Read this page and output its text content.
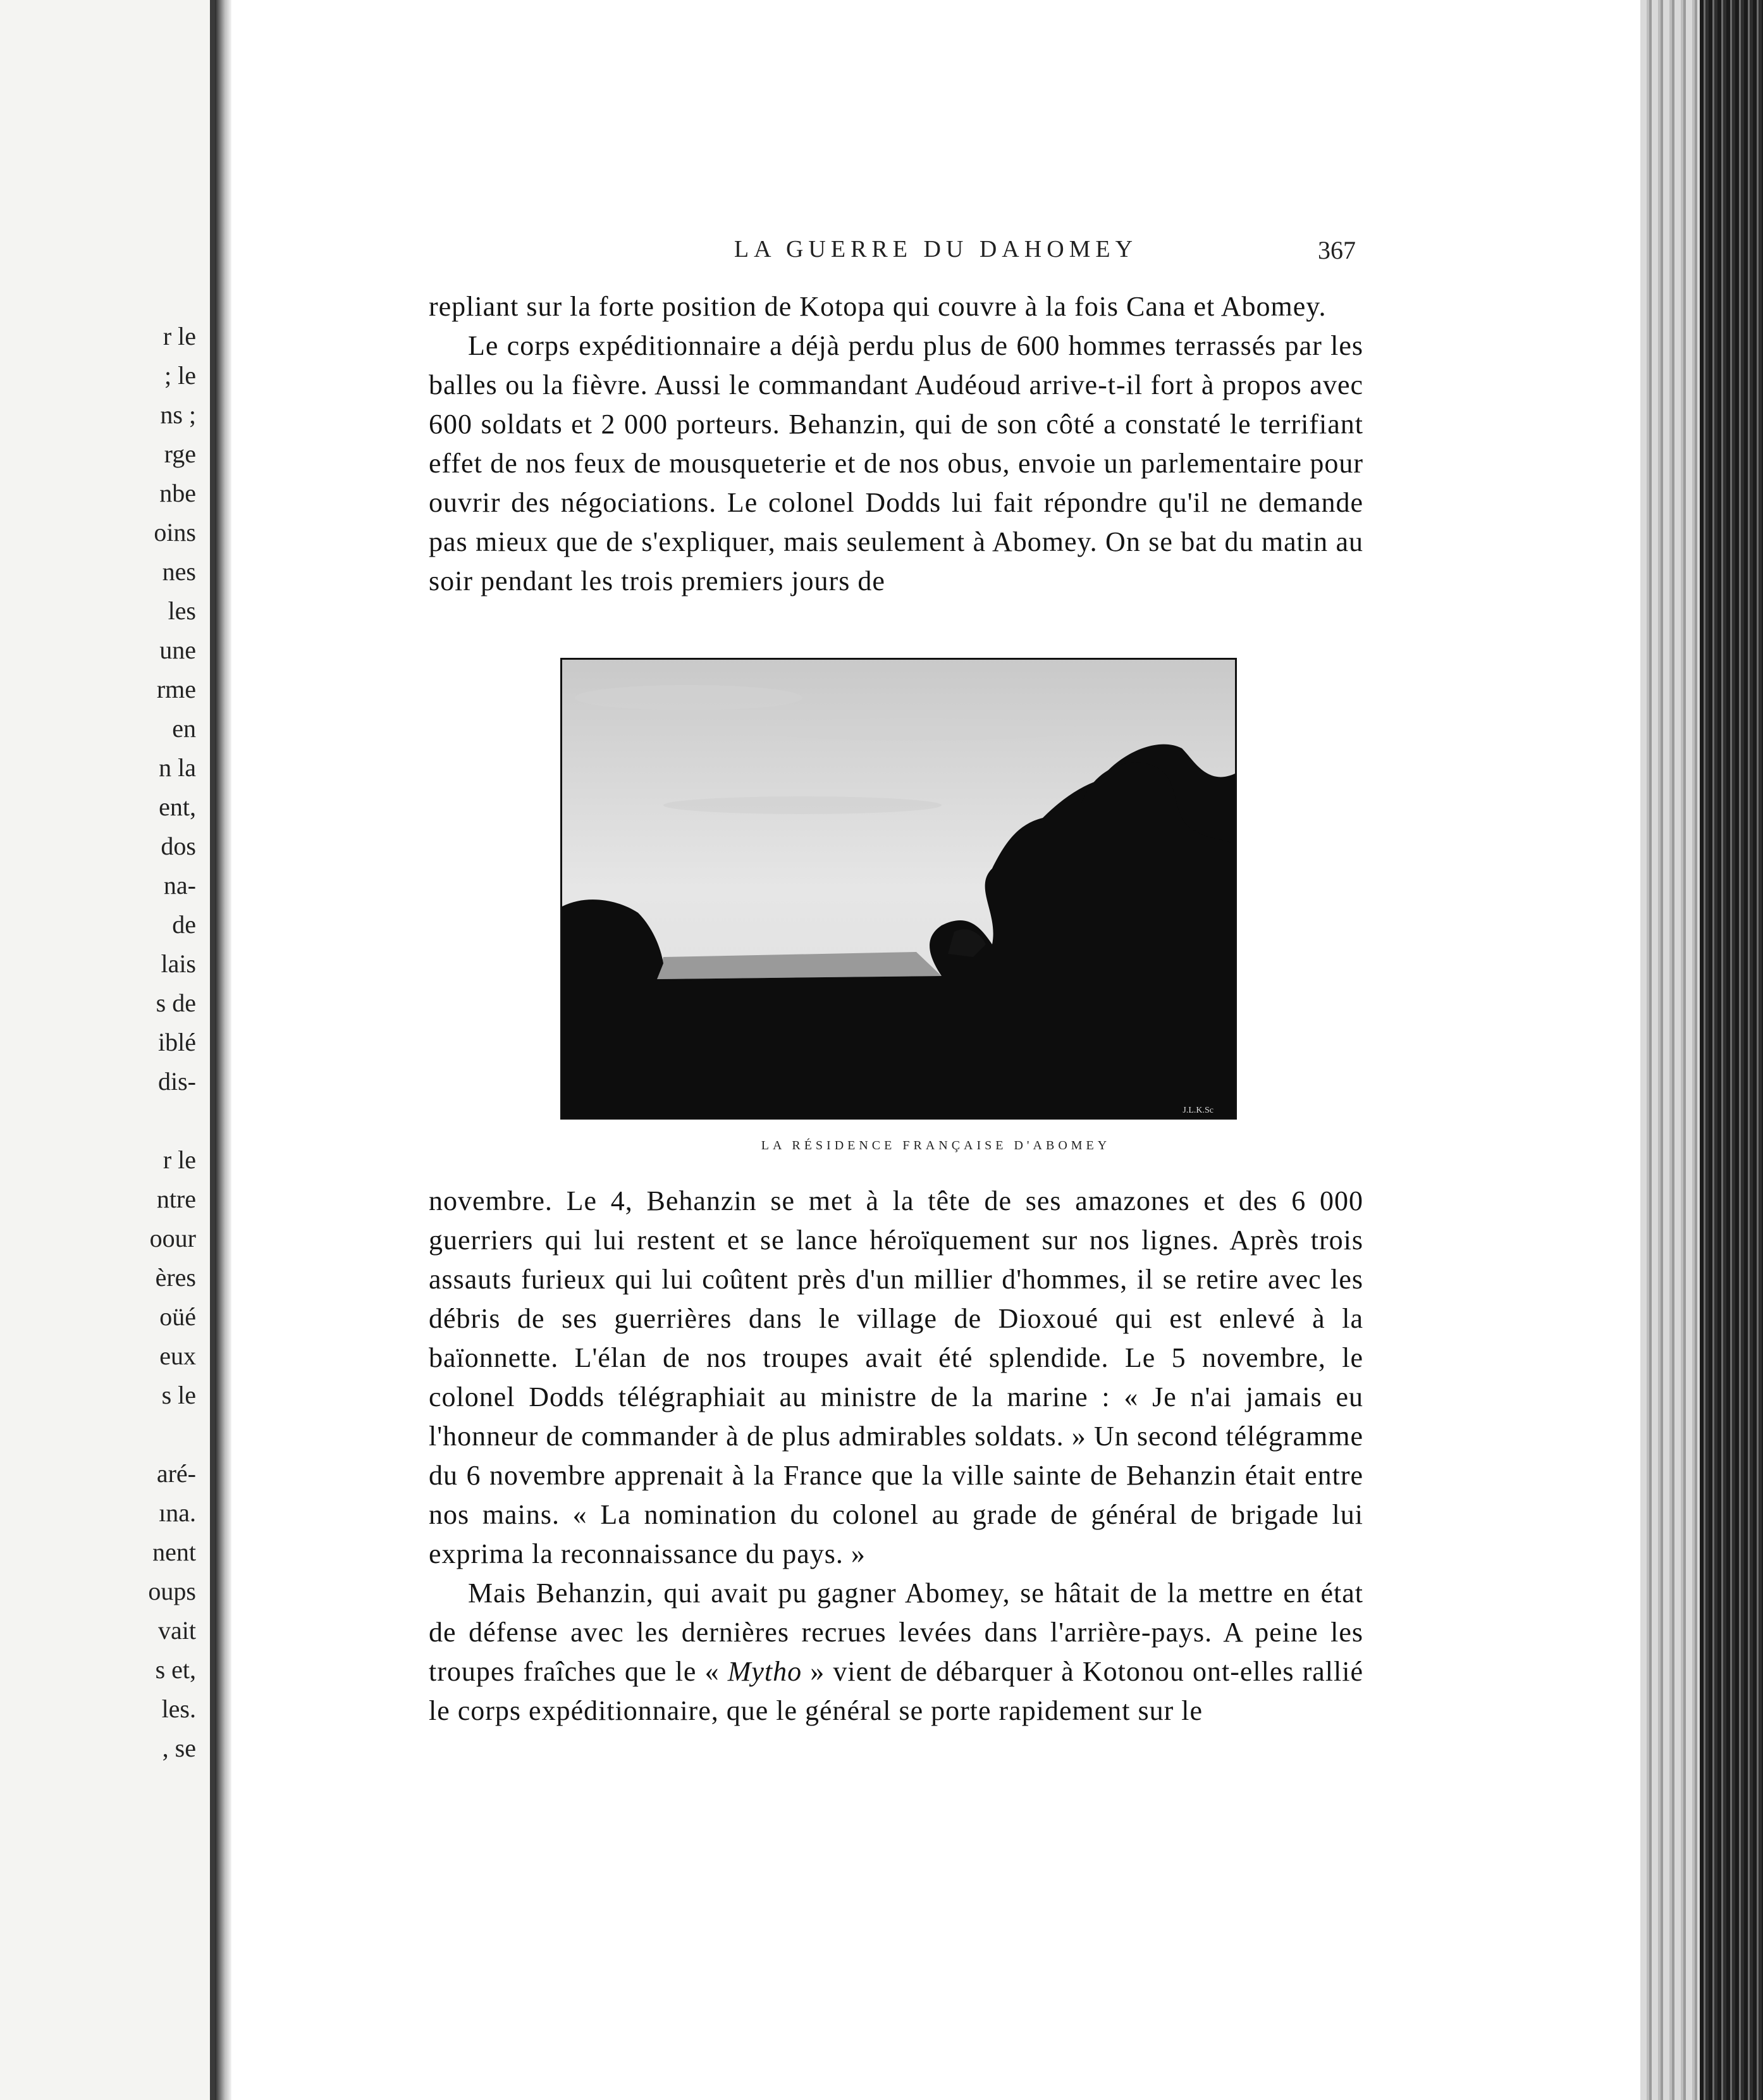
r le
; le
ns ;
rge
nbe
oins
nes
les
une
rme
en
n la
ent,
dos
na-
de
lais
s de
iblé
dis-
r le
ntre
oour
ères
oüé
eux
s le
aré-
ına.
nent
oups
vait
s et,
les.
, se
LA GUERRE DU DAHOMEY	367

repliant sur la forte position de Kotopa qui couvre à la fois Cana et Abomey.

Le corps expéditionnaire a déjà perdu plus de 600 hommes terrassés par les balles ou la fièvre. Aussi le commandant Audéoud arrive-t-il fort à propos avec 600 soldats et 2 000 porteurs. Behanzin, qui de son côté a constaté le terrifiant effet de nos feux de mousqueterie et de nos obus, envoie un parlementaire pour ouvrir des négociations. Le colonel Dodds lui fait répondre qu'il ne demande pas mieux que de s'expliquer, mais seulement à Abomey. On se bat du matin au soir pendant les trois premiers jours de

J.L.K.Sc
LA RÉSIDENCE FRANÇAISE D'ABOMEY

novembre. Le 4, Behanzin se met à la tête de ses amazones et des 6 000 guerriers qui lui restent et se lance héroïquement sur nos lignes. Après trois assauts furieux qui lui coûtent près d'un millier d'hommes, il se retire avec les débris de ses guerrières dans le village de Dioxoué qui est enlevé à la baïonnette. L'élan de nos troupes avait été splendide. Le 5 novembre, le colonel Dodds télégraphiait au ministre de la marine : « Je n'ai jamais eu l'honneur de commander à de plus admirables soldats. » Un second télégramme du 6 novembre apprenait à la France que la ville sainte de Behanzin était entre nos mains. « La nomination du colonel au grade de général de brigade lui exprima la reconnaissance du pays. »

Mais Behanzin, qui avait pu gagner Abomey, se hâtait de la mettre en état de défense avec les dernières recrues levées dans l'arrière-pays. A peine les troupes fraîches que le « Mytho » vient de débarquer à Kotonou ont-elles rallié le corps expéditionnaire, que le général se porte rapidement sur le
